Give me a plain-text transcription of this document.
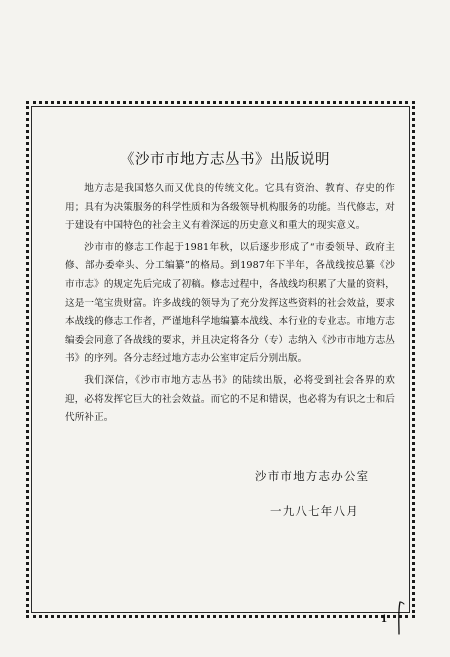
《沙市市地方志丛书》出版说明

地方志是我国悠久而又优良的传统文化。它具有资治、教育、存史的作用；具有为决策服务的科学性质和为各级领导机构服务的功能。当代修志，对于建设有中国特色的社会主义有着深远的历史意义和重大的现实意义。

沙市市的修志工作起于1981年秋，以后逐步形成了“市委领导、政府主修、部办委牵头、分工编纂”的格局。到1987年下半年，各战线按总纂《沙市市志》的规定先后完成了初稿。修志过程中，各战线均积累了大量的资料，这是一笔宝贵财富。许多战线的领导为了充分发挥这些资料的社会效益，要求本战线的修志工作者，严谨地科学地编纂本战线、本行业的专业志。市地方志编委会同意了各战线的要求，并且决定将各分（专）志纳入《沙市市地方志丛书》的序列。各分志经过地方志办公室审定后分别出版。

我们深信，《沙市市地方志丛书》的陆续出版，必将受到社会各界的欢迎，必将发挥它巨大的社会效益。而它的不足和错误，也必将为有识之士和后代所补正。

沙市市地方志办公室
一九八七年八月
1
